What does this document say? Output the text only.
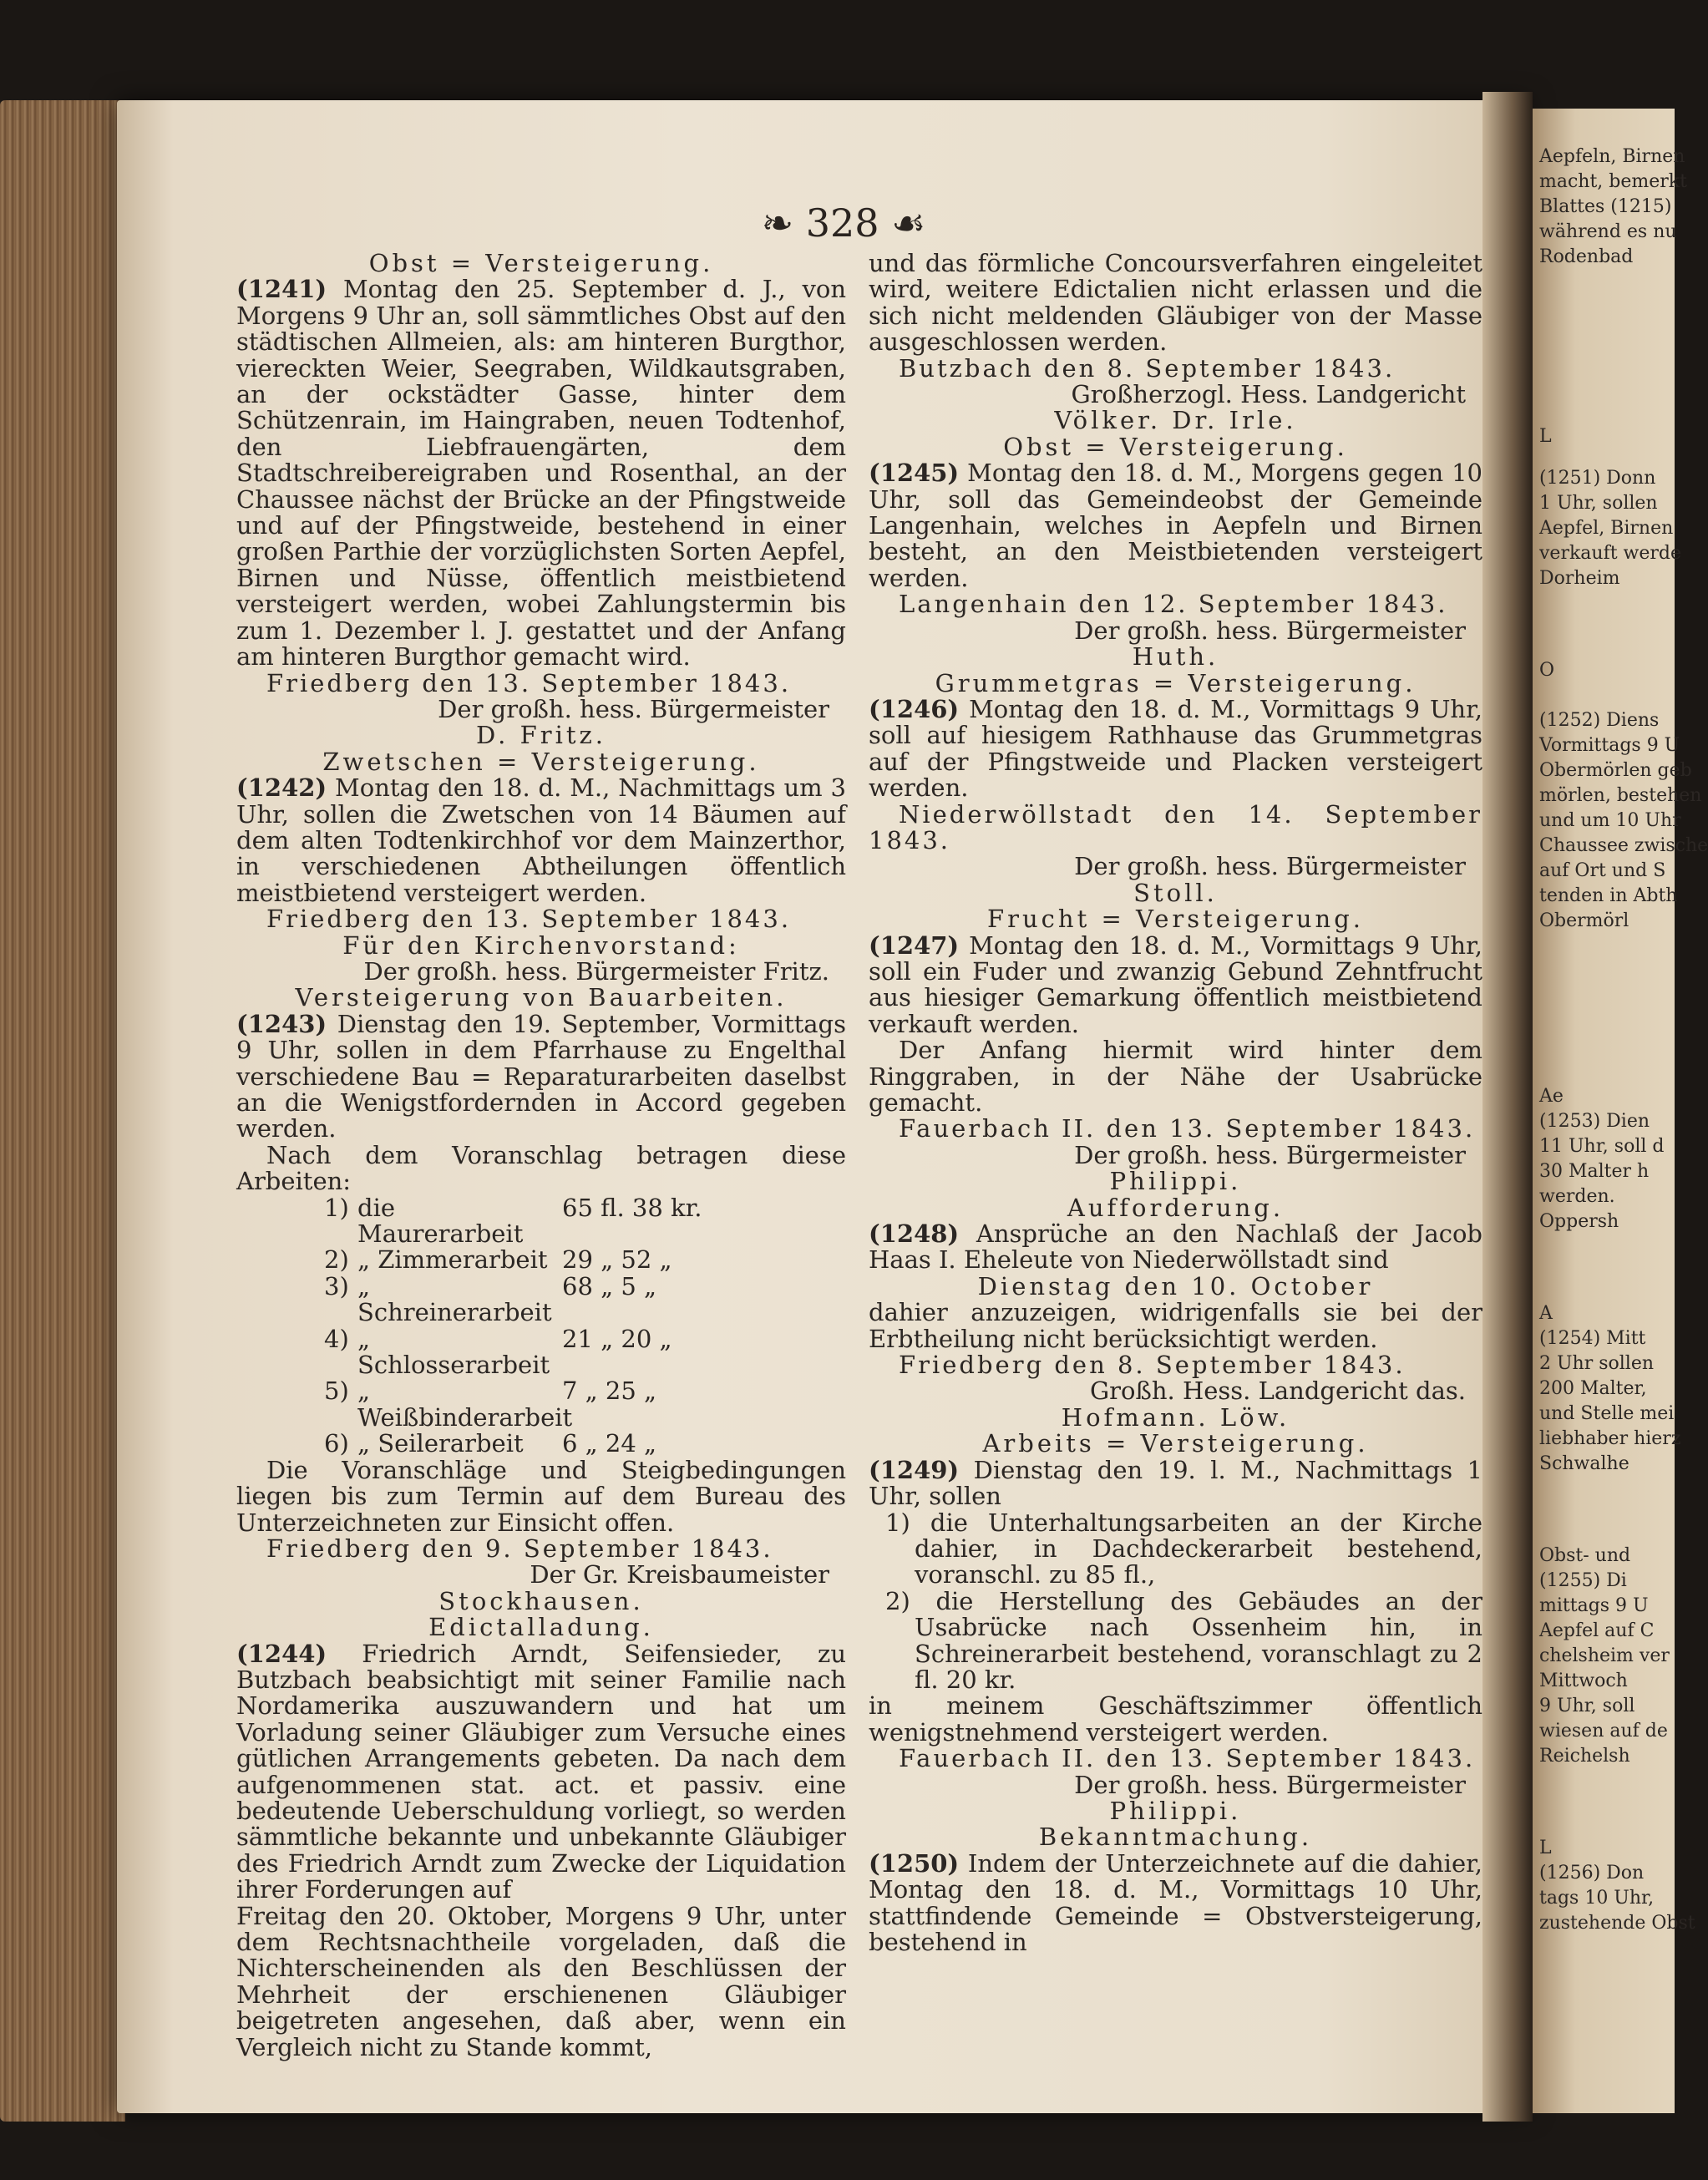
Aepfeln, Birnen
macht, bemerkt
Blattes (1215)
während es nu
Rodenbad
L
(1251) Donn
1 Uhr, sollen
Aepfel, Birnen
verkauft werde
Dorheim
O
(1252) Diens
Vormittags 9 U
Obermörlen geb
mörlen, bestehen
und um 10 Uhr
Chaussee zwische
auf Ort und S
tenden in Abth
Obermörl
Ae
(1253) Dien
11 Uhr, soll d
30 Malter h
werden.
Oppersh
A
(1254) Mitt
2 Uhr sollen
200 Malter,
und Stelle mei
liebhaber hierz
Schwalhe
Obst- und
(1255) Di
mittags 9 U
Aepfel auf C
chelsheim ver
Mittwoch
9 Uhr, soll
wiesen auf de
Reichelsh
L
(1256) Don
tags 10 Uhr,
zustehende Obst
❧ 328 ☙

Obst = Versteigerung.

(1241) Montag den 25. September d. J., von Morgens 9 Uhr an, soll sämmtliches Obst auf den städtischen Allmeien, als: am hinteren Burgthor, viereckten Weier, Seegraben, Wildkautsgraben, an der ockstädter Gasse, hinter dem Schützenrain, im Haingraben, neuen Todtenhof, den Liebfrauengärten, dem Stadtschreibereigraben und Rosenthal, an der Chaussee nächst der Brücke an der Pfingstweide und auf der Pfingstweide, bestehend in einer großen Parthie der vorzüglichsten Sorten Aepfel, Birnen und Nüsse, öffentlich meistbietend versteigert werden, wobei Zahlungstermin bis zum 1. Dezember l. J. gestattet und der Anfang am hinteren Burgthor gemacht wird.

Friedberg den 13. September 1843.

Der großh. hess. Bürgermeister

D. Fritz.

Zwetschen = Versteigerung.

(1242) Montag den 18. d. M., Nachmittags um 3 Uhr, sollen die Zwetschen von 14 Bäumen auf dem alten Todtenkirchhof vor dem Mainzerthor, in verschiedenen Abtheilungen öffentlich meistbietend versteigert werden.

Friedberg den 13. September 1843.

Für den Kirchenvorstand:

Der großh. hess. Bürgermeister Fritz.

Versteigerung von Bauarbeiten.

(1243) Dienstag den 19. September, Vormittags 9 Uhr, sollen in dem Pfarrhause zu Engelthal verschiedene Bau = Reparaturarbeiten daselbst an die Wenigstfordernden in Accord gegeben werden.

Nach dem Voranschlag betragen diese Arbeiten:

1) die Maurerarbeit
65 fl. 38 kr.
2) „ Zimmerarbeit 29 „ 52 „
3) „ Schreinerarbeit
68 „ 5 „
4) „ Schlosserarbeit
21 „ 20 „
5) „ Weißbinderarbeit
7 „ 25 „
6) „ Seilerarbeit	6 „ 24 „

Die Voranschläge und Steigbedingungen liegen bis zum Termin auf dem Bureau des Unterzeichneten zur Einsicht offen.

Friedberg den 9. September 1843.

Der Gr. Kreisbaumeister

Stockhausen.

Edictalladung.

(1244) Friedrich Arndt, Seifensieder, zu Butzbach beabsichtigt mit seiner Familie nach Nordamerika auszuwandern und hat um Vorladung seiner Gläubiger zum Versuche eines gütlichen Arrangements gebeten. Da nach dem aufgenommenen stat. act. et passiv. eine bedeutende Ueberschuldung vorliegt, so werden sämmtliche bekannte und unbekannte Gläubiger des Friedrich Arndt zum Zwecke der Liquidation ihrer Forderungen auf

Freitag den 20. Oktober, Morgens 9 Uhr, unter dem Rechtsnachtheile vorgeladen, daß die Nichterscheinenden als den Beschlüssen der Mehrheit der erschienenen Gläubiger beigetreten angesehen, daß aber, wenn ein Vergleich nicht zu Stande kommt,

und das förmliche Concoursverfahren eingeleitet wird, weitere Edictalien nicht erlassen und die sich nicht meldenden Gläubiger von der Masse ausgeschlossen werden.

Butzbach den 8. September 1843.

Großherzogl. Hess. Landgericht

Völker. Dr. Irle.

Obst = Versteigerung.

(1245) Montag den 18. d. M., Morgens gegen 10 Uhr, soll das Gemeindeobst der Gemeinde Langenhain, welches in Aepfeln und Birnen besteht, an den Meistbietenden versteigert werden.

Langenhain den 12. September 1843.

Der großh. hess. Bürgermeister

Huth.

Grummetgras = Versteigerung.

(1246) Montag den 18. d. M., Vormittags 9 Uhr, soll auf hiesigem Rathhause das Grummetgras auf der Pfingstweide und Placken versteigert werden.

Niederwöllstadt den 14. September 1843.

Der großh. hess. Bürgermeister

Stoll.

Frucht = Versteigerung.

(1247) Montag den 18. d. M., Vormittags 9 Uhr, soll ein Fuder und zwanzig Gebund Zehntfrucht aus hiesiger Gemarkung öffentlich meistbietend verkauft werden.

Der Anfang hiermit wird hinter dem Ringgraben, in der Nähe der Usabrücke gemacht.

Fauerbach II. den 13. September 1843.

Der großh. hess. Bürgermeister

Philippi.

Aufforderung.

(1248) Ansprüche an den Nachlaß der Jacob Haas I. Eheleute von Niederwöllstadt sind

Dienstag den 10. October

dahier anzuzeigen, widrigenfalls sie bei der Erbtheilung nicht berücksichtigt werden.

Friedberg den 8. September 1843.

Großh. Hess. Landgericht das.

Hofmann. Löw.

Arbeits = Versteigerung.

(1249) Dienstag den 19. l. M., Nachmittags 1 Uhr, sollen

1) die Unterhaltungsarbeiten an der Kirche dahier, in Dachdeckerarbeit bestehend, voranschl. zu 85 fl.,

2) die Herstellung des Gebäudes an der Usabrücke nach Ossenheim hin, in Schreinerarbeit bestehend, voranschlagt zu 2 fl. 20 kr.

in meinem Geschäftszimmer öffentlich wenigstnehmend versteigert werden.

Fauerbach II. den 13. September 1843.

Der großh. hess. Bürgermeister

Philippi.

Bekanntmachung.

(1250) Indem der Unterzeichnete auf die dahier, Montag den 18. d. M., Vormittags 10 Uhr, stattfindende Gemeinde = Obstversteigerung, bestehend in
